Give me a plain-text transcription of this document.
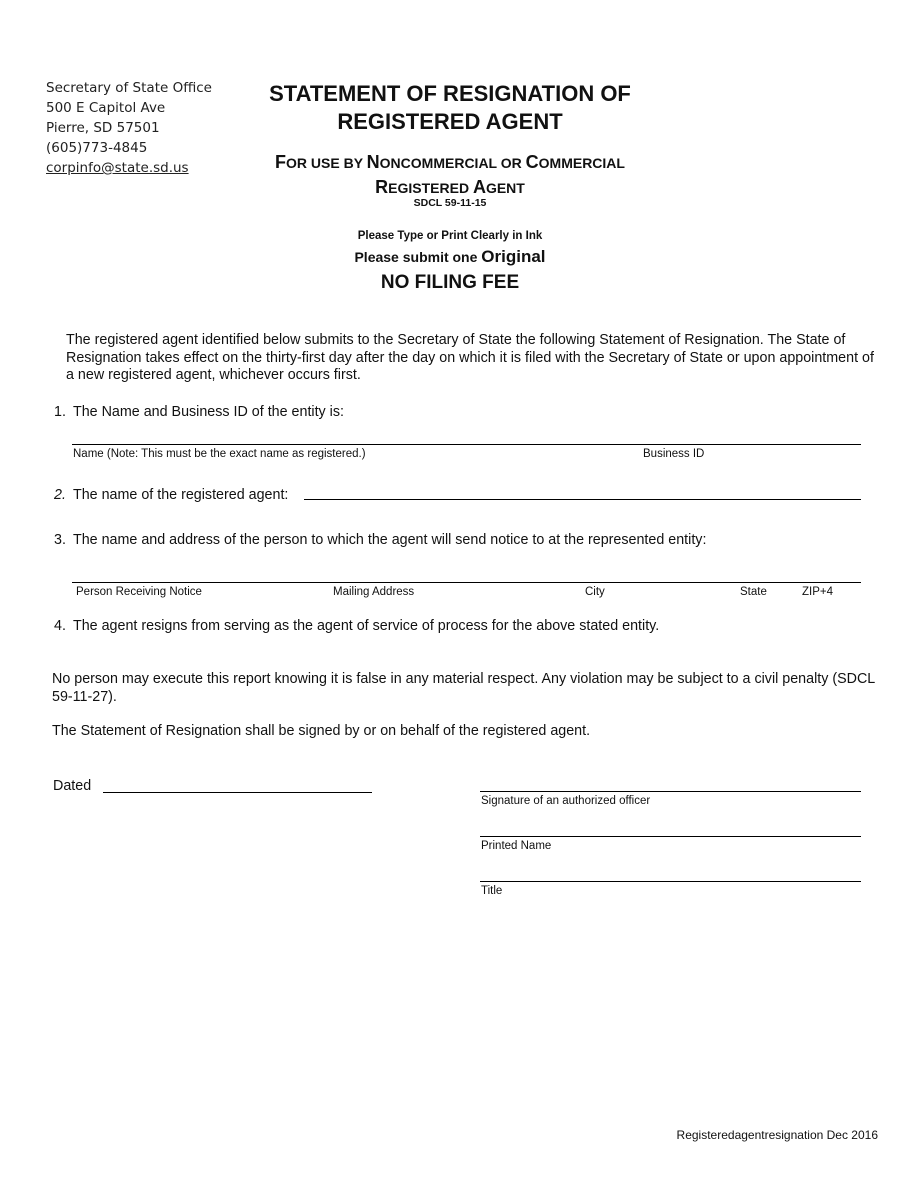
Secretary of State Office
500 E Capitol Ave
Pierre, SD 57501
(605)773-4845
corpinfo@state.sd.us
STATEMENT OF RESIGNATION OF
REGISTERED AGENT
FOR USE BY NONCOMMERCIAL OR COMMERCIAL
REGISTERED AGENT
SDCL 59-11-15
Please Type or Print Clearly in Ink
Please submit one Original
NO FILING FEE
The registered agent identified below submits to the Secretary of State the following Statement of Resignation. The State of Resignation takes effect on the thirty-first day after the day on which it is filed with the Secretary of State or upon appointment of a new registered agent, whichever occurs first.
1. The Name and Business ID of the entity is:
Name (Note: This must be the exact name as registered.)	Business ID
2. The name of the registered agent:
3. The name and address of the person to which the agent will send notice to at the represented entity:
Person Receiving Notice	Mailing Address	City	State	ZIP+4
4. The agent resigns from serving as the agent of service of process for the above stated entity.
No person may execute this report knowing it is false in any material respect. Any violation may be subject to a civil penalty (SDCL 59-11-27).
The Statement of Resignation shall be signed by or on behalf of the registered agent.
Dated
Signature of an authorized officer
Printed Name
Title
Registeredagentresignation Dec 2016
